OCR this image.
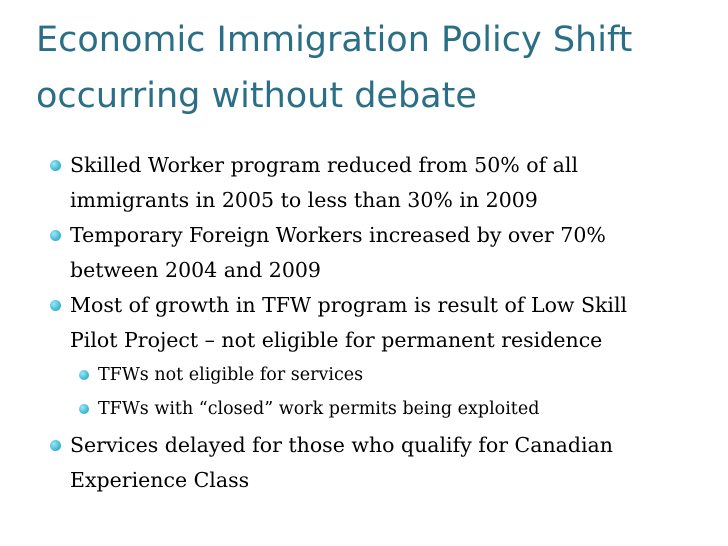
Economic Immigration Policy Shift
occurring without debate
Skilled Worker program reduced from 50% of all
immigrants in 2005 to less than 30% in 2009
Temporary Foreign Workers increased by over 70%
between 2004 and 2009
Most of growth in TFW program is result of Low Skill
Pilot Project – not eligible for permanent residence
TFWs not eligible for services
TFWs with “closed” work permits being exploited
Services delayed for those who qualify for Canadian
Experience Class
